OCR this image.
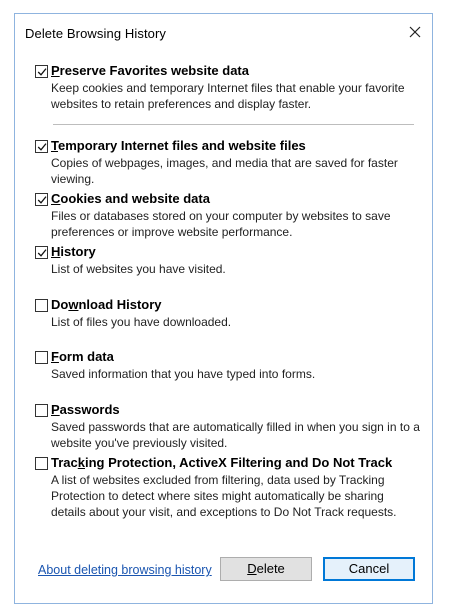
Delete Browsing History
Preserve Favorites website data
Keep cookies and temporary Internet files that enable your favorite websites to retain preferences and display faster.
Temporary Internet files and website files
Copies of webpages, images, and media that are saved for faster viewing.
Cookies and website data
Files or databases stored on your computer by websites to save preferences or improve website performance.
History
List of websites you have visited.
Download History
List of files you have downloaded.
Form data
Saved information that you have typed into forms.
Passwords
Saved passwords that are automatically filled in when you sign in to a website you've previously visited.
Tracking Protection, ActiveX Filtering and Do Not Track
A list of websites excluded from filtering, data used by Tracking Protection to detect where sites might automatically be sharing details about your visit, and exceptions to Do Not Track requests.
About deleting browsing history	Delete	Cancel
